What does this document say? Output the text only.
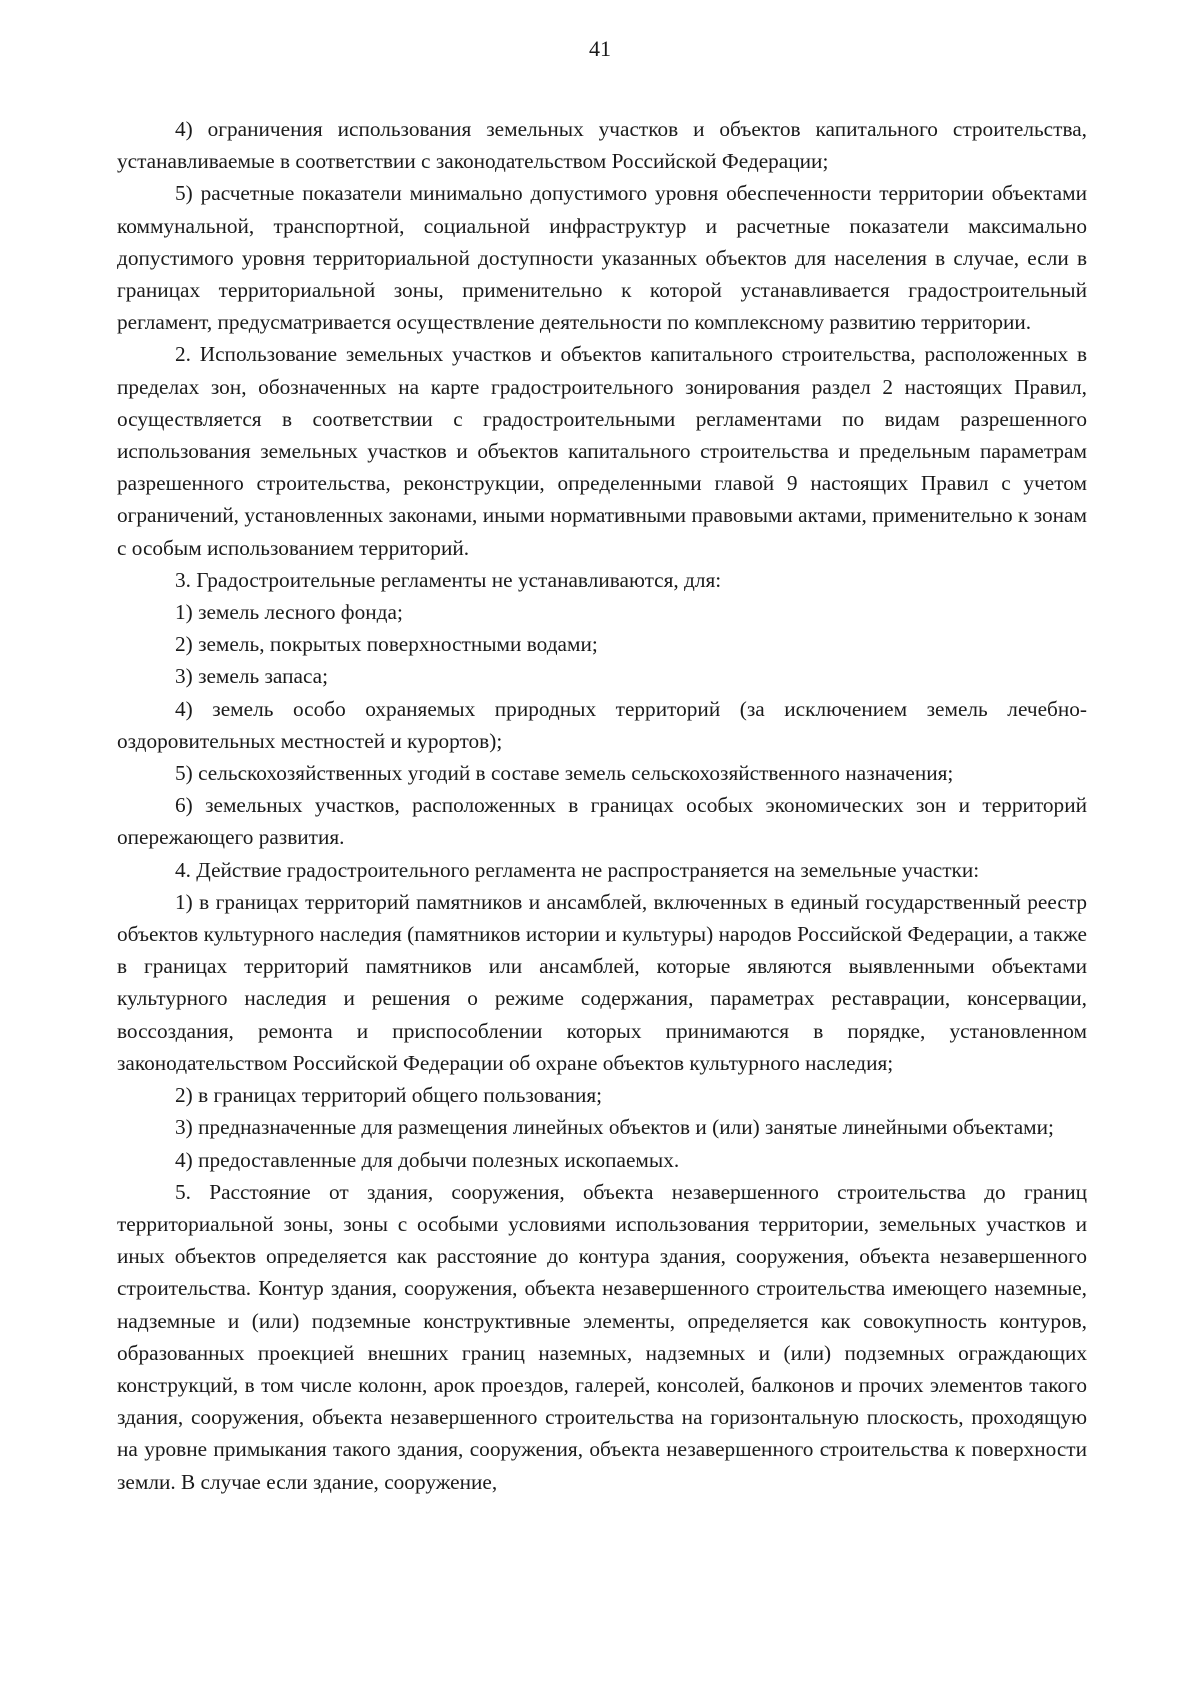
41

4) ограничения использования земельных участков и объектов капитального строительства, устанавливаемые в соответствии с законодательством Российской Федерации;

5) расчетные показатели минимально допустимого уровня обеспеченности территории объектами коммунальной, транспортной, социальной инфраструктур и расчетные показатели максимально допустимого уровня территориальной доступности указанных объектов для населения в случае, если в границах территориальной зоны, применительно к которой устанавливается градостроительный регламент, предусматривается осуществление деятельности по комплексному развитию территории.

2. Использование земельных участков и объектов капитального строительства, расположенных в пределах зон, обозначенных на карте градостроительного зонирования раздел 2 настоящих Правил, осуществляется в соответствии с градостроительными регламентами по видам разрешенного использования земельных участков и объектов капитального строительства и предельным параметрам разрешенного строительства, реконструкции, определенными главой 9 настоящих Правил с учетом ограничений, установленных законами, иными нормативными правовыми актами, применительно к зонам с особым использованием территорий.

3. Градостроительные регламенты не устанавливаются, для:

1) земель лесного фонда;

2) земель, покрытых поверхностными водами;

3) земель запаса;

4) земель особо охраняемых природных территорий (за исключением земель лечебно-оздоровительных местностей и курортов);

5) сельскохозяйственных угодий в составе земель сельскохозяйственного назначения;

6) земельных участков, расположенных в границах особых экономических зон и территорий опережающего развития.

4. Действие градостроительного регламента не распространяется на земельные участки:

1) в границах территорий памятников и ансамблей, включенных в единый государственный реестр объектов культурного наследия (памятников истории и культуры) народов Российской Федерации, а также в границах территорий памятников или ансамблей, которые являются выявленными объектами культурного наследия и решения о режиме содержания, параметрах реставрации, консервации, воссоздания, ремонта и приспособлении которых принимаются в порядке, установленном законодательством Российской Федерации об охране объектов культурного наследия;

2) в границах территорий общего пользования;

3) предназначенные для размещения линейных объектов и (или) занятые линейными объектами;

4) предоставленные для добычи полезных ископаемых.

5. Расстояние от здания, сооружения, объекта незавершенного строительства до границ территориальной зоны, зоны с особыми условиями использования территории, земельных участков и иных объектов определяется как расстояние до контура здания, сооружения, объекта незавершенного строительства. Контур здания, сооружения, объекта незавершенного строительства имеющего наземные, надземные и (или) подземные конструктивные элементы, определяется как совокупность контуров, образованных проекцией внешних границ наземных, надземных и (или) подземных ограждающих конструкций, в том числе колонн, арок проездов, галерей, консолей, балконов и прочих элементов такого здания, сооружения, объекта незавершенного строительства на горизонтальную плоскость, проходящую на уровне примыкания такого здания, сооружения, объекта незавершенного строительства к поверхности земли. В случае если здание, сооружение,
